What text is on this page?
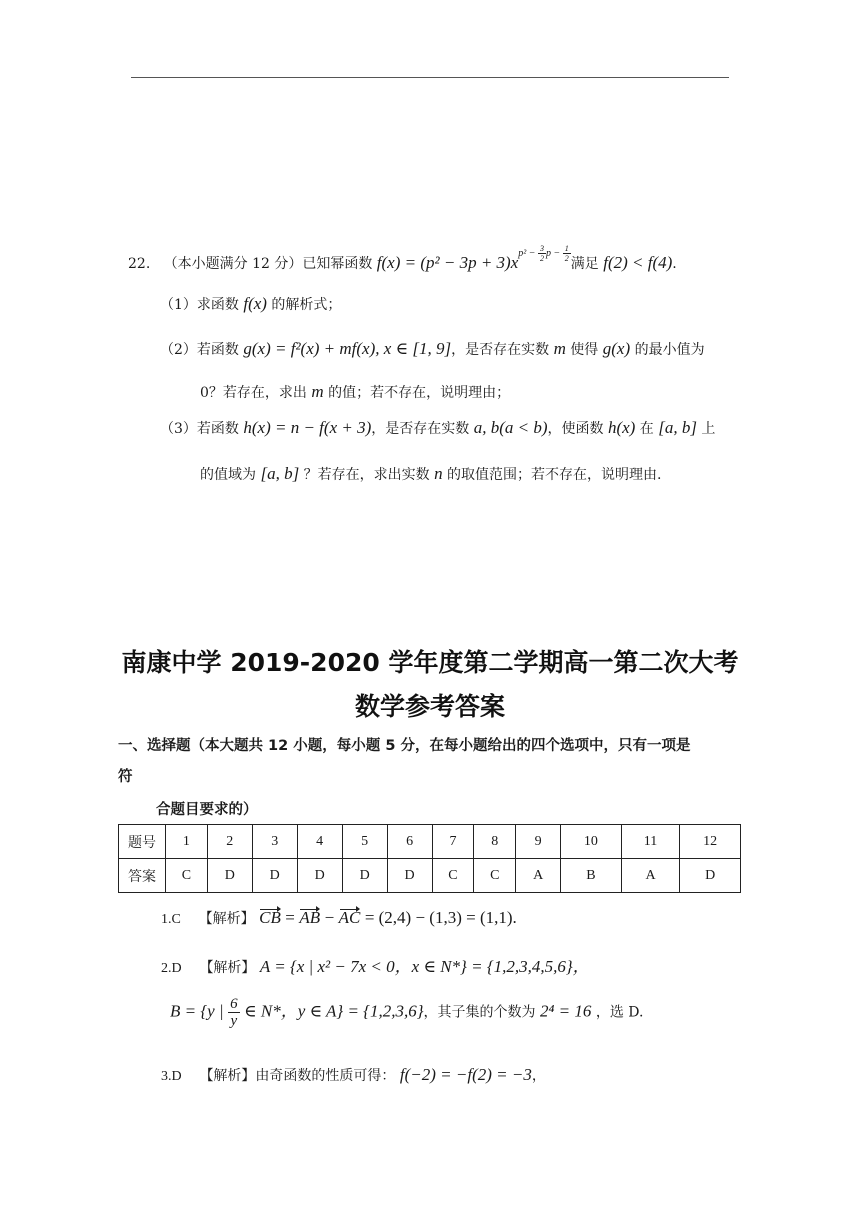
22. （本小题满分 12 分）已知幂函数 $f(x) = (p^2 - 3p + 3)x^{p^2 - \frac{3}{2} p - \frac{1}{2}}$
满足 f(2) < f(4).
（1）求函数 f(x) 的解析式；
（2）若函数 g(x) = f²(x) + mf(x), x ∈ [1, 9]，是否存在实数 m 使得 g(x) 的最小值为
0？若存在，求出 m 的值；若不存在，说明理由；
（3）若函数 h(x) = n − f(x + 3)，是否存在实数 a, b(a < b)，使函数 h(x) 在 [a, b] 上
的值域为 [a, b] ？若存在，求出实数 n 的取值范围；若不存在，说明理由.
南康中学 2019-2020 学年度第二学期高一第二次大考
数学参考答案
一、选择题（本大题共 12 小题，每小题 5 分，在每小题给出的四个选项中，只有一项是
符
合题目要求的）
题号	1	2	3	4	5	6	7	8	9	10	11	12
答案	C	D	D	D	D	D	C	C	A	B	A	D
1.C 【解析】 CB = AB − AC = (2,4) − (1,3) = (1,1).
2.D 【解析】 A = {x | x² − 7x < 0，x ∈ N*} = {1,2,3,4,5,6}，
B = {y | $\frac{6}{y}$ ∈ N*，y ∈ A} = {1,2,3,6}，其子集的个数为 2⁴ = 16 ，选 D.
3.D 【解析】由奇函数的性质可得： f(−2) = −f(2) = −3，
